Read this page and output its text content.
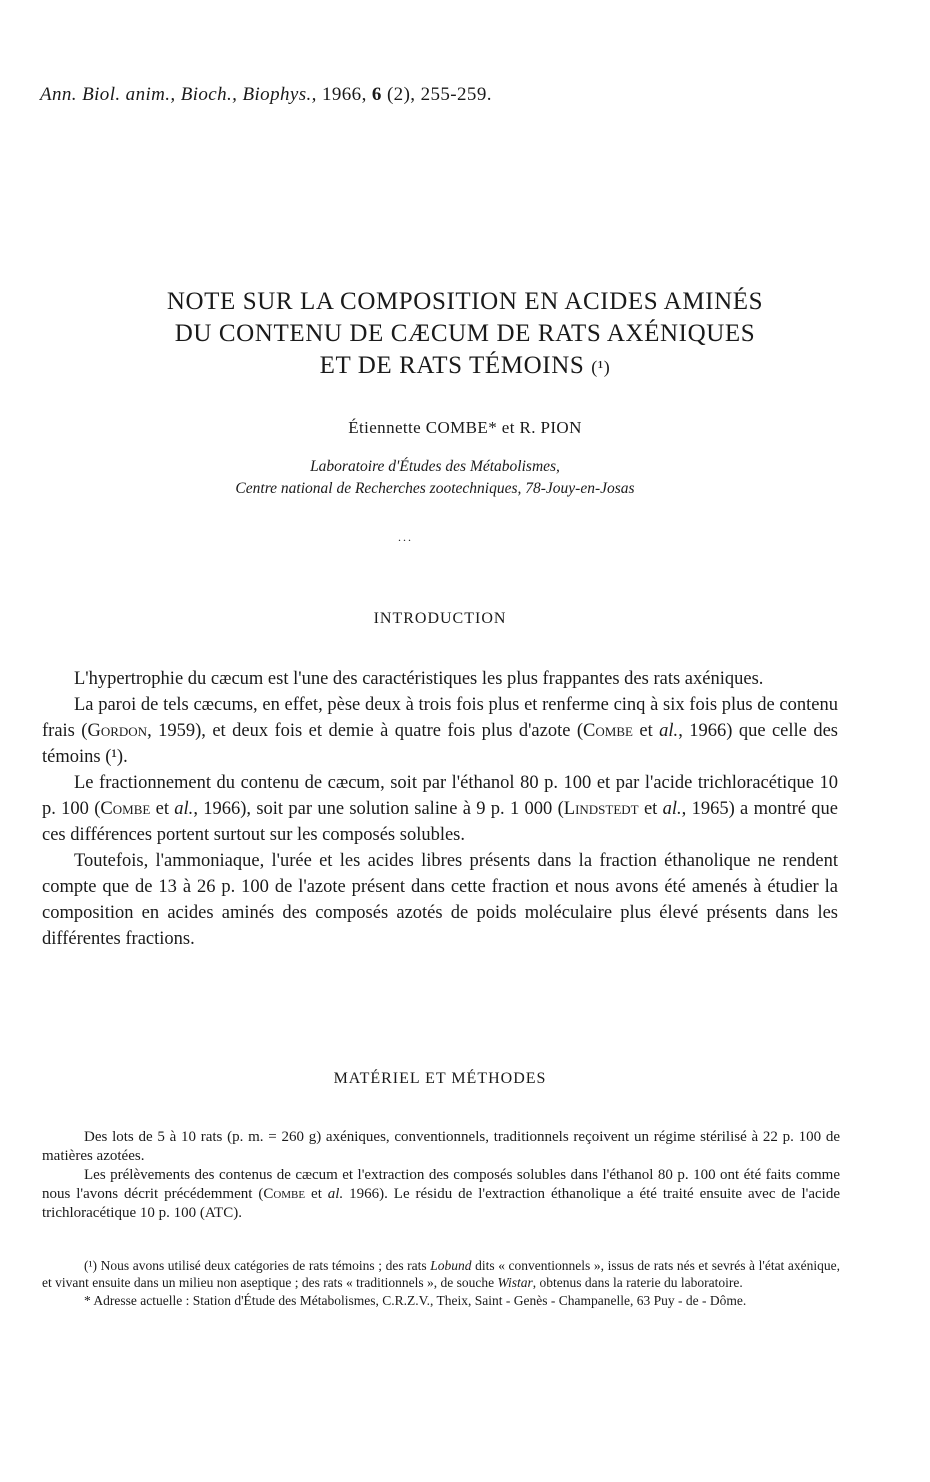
Ann. Biol. anim., Bioch., Biophys., 1966, 6 (2), 255-259.
NOTE SUR LA COMPOSITION EN ACIDES AMINÉS
DU CONTENU DE CÆCUM DE RATS AXÉNIQUES
ET DE RATS TÉMOINS (¹)
Étiennette COMBE* et R. PION
Laboratoire d'Études des Métabolismes,
Centre national de Recherches zootechniques, 78-Jouy-en-Josas
...
INTRODUCTION

L'hypertrophie du cæcum est l'une des caractéristiques les plus frappantes des rats axéniques.

La paroi de tels cæcums, en effet, pèse deux à trois fois plus et renferme cinq à six fois plus de contenu frais (Gordon, 1959), et deux fois et demie à quatre fois plus d'azote (Combe et al., 1966) que celle des témoins (¹).

Le fractionnement du contenu de cæcum, soit par l'éthanol 80 p. 100 et par l'acide trichloracétique 10 p. 100 (Combe et al., 1966), soit par une solution saline à 9 p. 1 000 (Lindstedt et al., 1965) a montré que ces différences portent surtout sur les composés solubles.

Toutefois, l'ammoniaque, l'urée et les acides libres présents dans la fraction éthanolique ne rendent compte que de 13 à 26 p. 100 de l'azote présent dans cette fraction et nous avons été amenés à étudier la composition en acides aminés des composés azotés de poids moléculaire plus élevé présents dans les différentes fractions.

MATÉRIEL ET MÉTHODES

Des lots de 5 à 10 rats (p. m. = 260 g) axéniques, conventionnels, traditionnels reçoivent un régime stérilisé à 22 p. 100 de matières azotées.

Les prélèvements des contenus de cæcum et l'extraction des composés solubles dans l'éthanol 80 p. 100 ont été faits comme nous l'avons décrit précédemment (Combe et al. 1966). Le résidu de l'extraction éthanolique a été traité ensuite avec de l'acide trichloracétique 10 p. 100 (ATC).

(¹) Nous avons utilisé deux catégories de rats témoins ; des rats Lobund dits « conventionnels », issus de rats nés et sevrés à l'état axénique, et vivant ensuite dans un milieu non aseptique ; des rats « traditionnels », de souche Wistar, obtenus dans la raterie du laboratoire.

* Adresse actuelle : Station d'Étude des Métabolismes, C.R.Z.V., Theix, Saint - Genès - Champanelle, 63 Puy - de - Dôme.
